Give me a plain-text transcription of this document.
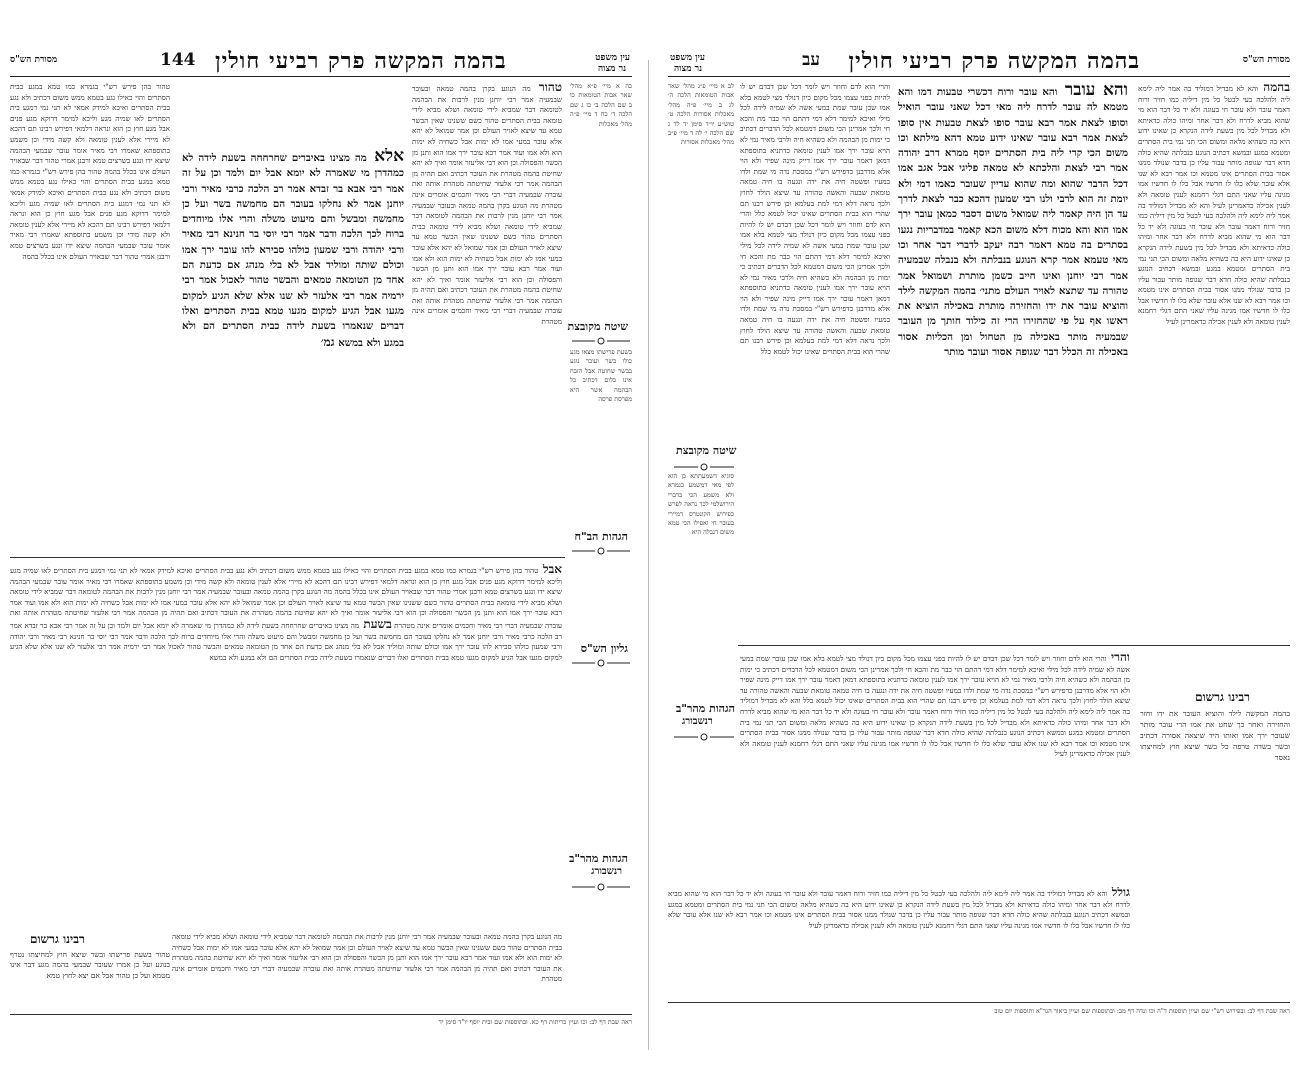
מסורת הש"ס
בהמה המקשה פרק רביעי חולין
עב
עין משפט
נר מצוה
בהמה והא לא מבדיל דמוליד בה אמר ליה לימא ליה ולהלכה בעי לבטל כל מין דיליה כמו חזיר ורוח דאמר עובר ולא עובר חי בעוגה ולא יד כל דבר הוא מי שהוא מביא לדרח ולא דבר אחר ומיהו כולה כדאיתא ולא מבדיל לכל מין בשעת לידה הנקרא כן שאינו ידוע היא בה כשהיא מלאה ומשום הכי תני נמי בית הסתרים ומטמא במגע ובמשא דכתיב הנוגע בנבלתה שהיא כולה חדא דבר שגופה מותר עבור עליו כן בדבר שנולד ממנו אסור בבית הסתרים אינו מטמא וכו אמר רבא לא שנו אלא עובר שלא כלו לו חדשיו אבל כלו לו חדשיו אמו מגינה עליו שאני התם דגלי רחמנא לענין טומאה ולא לענין אכילה כדאמרינן לעיל והא לא מבדיל דמוליד בה אמר ליה לימא ליה ולהלכה בעי לבטל כל מין דיליה כמו חזיר ורוח דאמר עובר ולא עובר חי בעוגה ולא יד כל דבר הוא מי שהוא מביא לדרח ולא דבר אחר ומיהו כולה כדאיתא ולא מבדיל לכל מין בשעת לידה הנקרא כן שאינו ידוע היא בה כשהיא מלאה ומשום הכי תני נמי בית הסתרים ומטמא במגע ובמשא דכתיב הנוגע בנבלתה שהיא כולה חדא דבר שגופה מותר עבור עליו כן בדבר שנולד ממנו אסור בבית הסתרים אינו מטמא וכו אמר רבא לא שנו אלא עובר שלא כלו לו חדשיו אבל כלו לו חדשיו אמו מגינה עליו שאני התם דגלי רחמנא לענין טומאה ולא לענין אכילה כדאמרינן לעיל
והא עובר והא עובר ורוח דכשרי טבעות דמו והא מטמא לה עובר לדרח ליה מאי דכל שאני עובר הואיל וסופו לצאת אמר רבא עובר סופו לצאת טבעות אין סופו לצאת אמר רבא עובר שאינו ידוע טמא דהא מילתא וכו משום הכי קרי ליה בית הסתרים יוסף ממרא דרב יהודה אמר רבי לצאת והלכתא לא טמאה פליגי אבל אגב אמו דכל הדבר שהוא ומה שהוא עדיין שעובר כאמו דמי ולא יומת זה הוא לרבי ולנו רבי שמעון דהכא כבר לצאת לדרך עד הן היה קאמר ליה שמואל משום דסבר כמאן עובר ירך אמו הוא והא מכוח דלא משום הכא קאמר במדבריות נגעו בסתרים בה טמא דאמר רבה יעקב לדברי דבר אחר וכו מאי טעמא אמר קרא הנוגע בנבלתה ולא בנבלה שבמעיה אמר רבי יוחנן ואינו חייב כשמן מותרת ושמואל אמר טהורה עד שתצא לאויר העולם מתני׳ בהמה המקשה לילד והוציא עובר את ידו והחזירה מותרת באכילה הוציא את ראשו אף על פי שהחזירו הרי זה כילוד חותך מן העובר שבמעיה מותר באכילה מן הטחול ומן הכליות אסור באכילה זה הכלל דבר שגופה אסור ועובר מותר
והרי הוא לדם וחוזר ויש לומר דכל שכן דבדם יש לו להיות בפני עצמו מכל מקום כיון דנולד מצי לטמא בלא אמו שכן עובר שמת במעי אשה לא שמיה לידה לכל מילי ואיכא למימר דלא דמי דהתם הוי כבר מת והכא חי ולכך אמרינן הכי משום דמטמא לכל הדברים דכתיב כי ימות מן הבהמה ולא כשהיא חיה ולרבי מאיר נמי לא הויא עובר ירך אמו לענין טומאה כדתניא בתוספתא דמאן דאמר עובר ירך אמו דייק מינה שפיר ולא הוי אלא מדרבנן כדפירש רש"י במסכת נדה מי שמת ולדו במעיו ופשטה חיה את ידה ונגעה בו חיה טמאה טומאת שבעה והאשה טהורה עד שיצא הולד לחוץ ולכך נראה דלא דמי למת בעלמא וכן פירש רבנו תם שהרי הוא בבית הסתרים שאינו יכול לטמא כלל והרי הוא לדם וחוזר ויש לומר דכל שכן דבדם יש לו להיות בפני עצמו מכל מקום כיון דנולד מצי לטמא בלא אמו שכן עובר שמת במעי אשה לא שמיה לידה לכל מילי ואיכא למימר דלא דמי דהתם הוי כבר מת והכא חי ולכך אמרינן הכי משום דמטמא לכל הדברים דכתיב כי ימות מן הבהמה ולא כשהיא חיה ולרבי מאיר נמי לא הויא עובר ירך אמו לענין טומאה כדתניא בתוספתא דמאן דאמר עובר ירך אמו דייק מינה שפיר ולא הוי אלא מדרבנן כדפירש רש"י במסכת נדה מי שמת ולדו במעיו ופשטה חיה את ידה ונגעה בו חיה טמאה טומאת שבעה והאשה טהורה עד שיצא הולד לחוץ ולכך נראה דלא דמי למת בעלמא וכן פירש רבנו תם שהרי הוא בבית הסתרים שאינו יכול לטמא כלל
לב א מיי׳ פ״ג מהל׳ שאר אבות הטומאות הלכה ה׳ לג ב מיי׳ פ״ה מהל׳ מאכלות אסורות הלכה ט׳ טוש״ע יו״ד סימן יד לד ג שם הלכה י׳ לה ד מיי׳ פ״ב מהל׳ מאכלות אסורות
שיטה מקובצת
סוגיא דשמעתתא כן הוא לפי מאי דמשמע בגמרא ולא משמע הכי בדברי הירושלמי לכך נראה לפרש כפירוש הקונטרס דמיירי בעובר חי ואפילו הכי טמא משום דנבלה היא
הגהות מהר"ב
רנשבורג
והרי והרי הוא לדם וחוזר ויש לומר דכל שכן דבדם יש לו להיות בפני עצמו מכל מקום כיון דנולד מצי לטמא בלא אמו שכן עובר שמת במעי אשה לא שמיה לידה לכל מילי ואיכא למימר דלא דמי דהתם הוי כבר מת והכא חי ולכך אמרינן הכי משום דמטמא לכל הדברים דכתיב כי ימות מן הבהמה ולא כשהיא חיה ולרבי מאיר נמי לא הויא עובר ירך אמו לענין טומאה כדתניא בתוספתא דמאן דאמר עובר ירך אמו דייק מינה שפיר ולא הוי אלא מדרבנן כדפירש רש"י במסכת נדה מי שמת ולדו במעיו ופשטה חיה את ידה ונגעה בו חיה טמאה טומאת שבעה והאשה טהורה עד שיצא הולד לחוץ ולכך נראה דלא דמי למת בעלמא וכן פירש רבנו תם שהרי הוא בבית הסתרים שאינו יכול לטמא כלל והא לא מבדיל דמוליד בה אמר ליה לימא ליה ולהלכה בעי לבטל כל מין דיליה כמו חזיר ורוח דאמר עובר ולא עובר חי בעוגה ולא יד כל דבר הוא מי שהוא מביא לדרח ולא דבר אחר ומיהו כולה כדאיתא ולא מבדיל לכל מין בשעת לידה הנקרא כן שאינו ידוע היא בה כשהיא מלאה ומשום הכי תני נמי בית הסתרים ומטמא במגע ובמשא דכתיב הנוגע בנבלתה שהיא כולה חדא דבר שגופה מותר עבור עליו כן בדבר שנולד ממנו אסור בבית הסתרים אינו מטמא וכו אמר רבא לא שנו אלא עובר שלא כלו לו חדשיו אבל כלו לו חדשיו אמו מגינה עליו שאני התם דגלי רחמנא לענין טומאה ולא לענין אכילה כדאמרינן לעיל
רבינו גרשום
בהמה המקשה לילד והוציא העובר את ידו וחזר והחזירה ואחר כך שחט את אמו הרי עובר מותר שעובר ירך אמו ואותו היד שיצאה אסורה דכתיב ובשר בשדה טרפה כל בשר שיצא חוץ למחיצתו נאסר
גולל והא לא מבדיל דמוליד בה אמר ליה לימא ליה ולהלכה בעי לבטל כל מין דיליה כמו חזיר ורוח דאמר עובר ולא עובר חי בעוגה ולא יד כל דבר הוא מי שהוא מביא לדרח ולא דבר אחר ומיהו כולה כדאיתא ולא מבדיל לכל מין בשעת לידה הנקרא כן שאינו ידוע היא בה כשהיא מלאה ומשום הכי תני נמי בית הסתרים ומטמא במגע ובמשא דכתיב הנוגע בנבלתה שהיא כולה חדא דבר שגופה מותר עבור עליו כן בדבר שנולד ממנו אסור בבית הסתרים אינו מטמא וכו אמר רבא לא שנו אלא עובר שלא כלו לו חדשיו אבל כלו לו חדשיו אמו מגינה עליו שאני התם דגלי רחמנא לענין טומאה ולא לענין אכילה כדאמרינן לעיל
ראה שבת דף לב: ובפירוש רש"י שם ועיין תוספות ד"ה וכו ונדה דף מב: ובתוספות שם ועיין ביאור הגר"א ותוספות יום טוב
מסורת הש"ס	בהמה המקשה פרק רביעי חולין
144	עין משפט
נר מצוה
כה א מיי׳ פ״א מהל׳ שאר אבות הטומאות כו ב שם הלכה ב׳ כז ג שם הלכה ד׳ כח ד מיי׳ פ״ה מהל׳ מאכלות
שיטה מקובצת
בשעת פרישתו מצאו מגע כולו בשר ועובר נוגע בבשר שחוטה אבל הזבח אינו כלום דכתיב כל הבהמה אשר היא מפרסת פרסה
הגהות הב"ח
גליון הש"ס
הגהות מהר"ב
רנשבורג
טהור מה הנוגע בקרן בהמה טמאה ובעובר שבמעיה אמר רבי יוחנן מנין לרבות את הבהמה לטומאה דבר שמביא לידי טומאה ושלא מביא לידי טומאה בבית הסתרים טהור כשם ששנינו שאין הבשר טמא עד שיצא לאויר העולם וכן אמר שמואל לא יהא אלא עובר במעי אמו לא ימות אבל כשחיה לא ימות הוא ולא אמו ועוד אמר רבא עובר ירך אמו הוא ותנן מן הכשר והפסולה וכן הוא רבי אליעזר אומר ואיך לא יהא שחיטת בהמה מטהרת את העובר דכתיב ואם תהיה מן הבהמה אמר רבי אלעזר שחיטתה מטהרת אותה ואת עוברה שבמעיה דברי רבי מאיר וחכמים אומרים אינה מטהרת מה הנוגע בקרן בהמה טמאה ובעובר שבמעיה אמר רבי יוחנן מנין לרבות את הבהמה לטומאה דבר שמביא לידי טומאה ושלא מביא לידי טומאה בבית הסתרים טהור כשם ששנינו שאין הבשר טמא עד שיצא לאויר העולם וכן אמר שמואל לא יהא אלא עובר במעי אמו לא ימות אבל כשחיה לא ימות הוא ולא אמו ועוד אמר רבא עובר ירך אמו הוא ותנן מן הכשר והפסולה וכן הוא רבי אליעזר אומר ואיך לא יהא שחיטת בהמה מטהרת את העובר דכתיב ואם תהיה מן הבהמה אמר רבי אלעזר שחיטתה מטהרת אותה ואת עוברה שבמעיה דברי רבי מאיר וחכמים אומרים אינה מטהרת
אלא מה מצינו באיברים שחרחחה בשעת לידה לא כמהדרן מי שאמרה לא יומא אבל יום ולמד וכן על זה אמר רבי אבא בר זבדא אמר רב הלכה כרבי מאיר ורבי יוחנן אמר לא נחלקו בעובר הם מחמשה בשר ועל כן מחמשה ומבשל והם מיעוט משלה והרי אלו מיוחדים ברוח לכך הלכה ודבר אמר רבי יוסי בר חנינא רבי מאיר ורבי יהודה ורבי שמעון כולהו סבירא להו עובר ירך אמו וכולם שותה ומוליד אבל לא בלי מנהג אם כדעת הם אחד מן הטומאה טמאים והבשר טהור לאכול אמר רבי ירמיה אמר רבי אלעזר לא שנו אלא שלא הגיע למקום מגעו אבל הגיע למקום מגעו טמא בבית הסתרים ואלו דברים שנאמרו בשעת לידה כבית הסתרים הם ולא במגע ולא במשא גמ׳
טהור בהן פירש רש"י בגמרא כמו טמא במגע בבית הסתרים והוי כאילו נגע בטמא ממש משום דכתיב ולא נגע בבית הסתרים ואיכא למידק אמאי לא תני נמי דמגע בית הסתרים לאו שמיה מגע וליכא למימר דדוקא מגע פנים אבל מגע חוץ כן הוא ונראה דלמאי דפירש רבינו תם דהכא לא מיירי אלא לענין טומאה ולא קשה מידי וכן משמע בתוספתא שאמרו רבי מאיר אומר עובר שבמעי הבהמה שיצא ידו ונגע בשרצים טמא ורבנן אמרי טהור דבר שבאויר העולם אינו בכלל בהמה טהור בהן פירש רש"י בגמרא כמו טמא במגע בבית הסתרים והוי כאילו נגע בטמא ממש משום דכתיב ולא נגע בבית הסתרים ואיכא למידק אמאי לא תני נמי דמגע בית הסתרים לאו שמיה מגע וליכא למימר דדוקא מגע פנים אבל מגע חוץ כן הוא ונראה דלמאי דפירש רבינו תם דהכא לא מיירי אלא לענין טומאה ולא קשה מידי וכן משמע בתוספתא שאמרו רבי מאיר אומר עובר שבמעי הבהמה שיצא ידו ונגע בשרצים טמא ורבנן אמרי טהור דבר שבאויר העולם אינו בכלל בהמה
אבל טהור בהן פירש רש"י בגמרא כמו טמא במגע בבית הסתרים והוי כאילו נגע בטמא ממש משום דכתיב ולא נגע בבית הסתרים ואיכא למידק אמאי לא תני נמי דמגע בית הסתרים לאו שמיה מגע וליכא למימר דדוקא מגע פנים אבל מגע חוץ כן הוא ונראה דלמאי דפירש רבינו תם דהכא לא מיירי אלא לענין טומאה ולא קשה מידי וכן משמע בתוספתא שאמרו רבי מאיר אומר עובר שבמעי הבהמה שיצא ידו ונגע בשרצים טמא ורבנן אמרי טהור דבר שבאויר העולם אינו בכלל בהמה מה הנוגע בקרן בהמה טמאה ובעובר שבמעיה אמר רבי יוחנן מנין לרבות את הבהמה לטומאה דבר שמביא לידי טומאה ושלא מביא לידי טומאה בבית הסתרים טהור כשם ששנינו שאין הבשר טמא עד שיצא לאויר העולם וכן אמר שמואל לא יהא אלא עובר במעי אמו לא ימות אבל כשחיה לא ימות הוא ולא אמו ועוד אמר רבא עובר ירך אמו הוא ותנן מן הכשר והפסולה וכן הוא רבי אליעזר אומר ואיך לא יהא שחיטת בהמה מטהרת את העובר דכתיב ואם תהיה מן הבהמה אמר רבי אלעזר שחיטתה מטהרת אותה ואת עוברה שבמעיה דברי רבי מאיר וחכמים אומרים אינה מטהרת בשעת מה מצינו באיברים שחרחחה בשעת לידה לא כמהדרן מי שאמרה לא יומא אבל יום ולמד וכן על זה אמר רבי אבא בר זבדא אמר רב הלכה כרבי מאיר ורבי יוחנן אמר לא נחלקו בעובר הם מחמשה בשר ועל כן מחמשה ומבשל והם מיעוט משלה והרי אלו מיוחדים ברוח לכך הלכה ודבר אמר רבי יוסי בר חנינא רבי מאיר ורבי יהודה ורבי שמעון כולהו סבירא להו עובר ירך אמו וכולם שותה ומוליד אבל לא בלי מנהג אם כדעת הם אחד מן הטומאה טמאים והבשר טהור לאכול אמר רבי ירמיה אמר רבי אלעזר לא שנו אלא שלא הגיע למקום מגעו אבל הגיע למקום מגעו טמא בבית הסתרים ואלו דברים שנאמרו בשעת לידה כבית הסתרים הם ולא במגע ולא במשא
רבינו גרשום
טהור בשעת פרישתו ובשר שיצא חוץ למחיצתו נטרף בנוגע ועל כן אמרו שעובר שבמעי בהמה מגע דבר אינו מטמא ועל כן טהור אבל אם יצא לחוץ טמא
מה הנוגע בקרן בהמה טמאה ובעובר שבמעיה אמר רבי יוחנן מנין לרבות את הבהמה לטומאה דבר שמביא לידי טומאה ושלא מביא לידי טומאה בבית הסתרים טהור כשם ששנינו שאין הבשר טמא עד שיצא לאויר העולם וכן אמר שמואל לא יהא אלא עובר במעי אמו לא ימות אבל כשחיה לא ימות הוא ולא אמו ועוד אמר רבא עובר ירך אמו הוא ותנן מן הכשר והפסולה וכן הוא רבי אליעזר אומר ואיך לא יהא שחיטת בהמה מטהרת את העובר דכתיב ואם תהיה מן הבהמה אמר רבי אלעזר שחיטתה מטהרת אותה ואת עוברה שבמעיה דברי רבי מאיר וחכמים אומרים אינה מטהרת
ראה שבת דף לב: וכו ועיין כריתות דף כא. ובתוספות שם ובית יוסף יו"ד סימן יד
